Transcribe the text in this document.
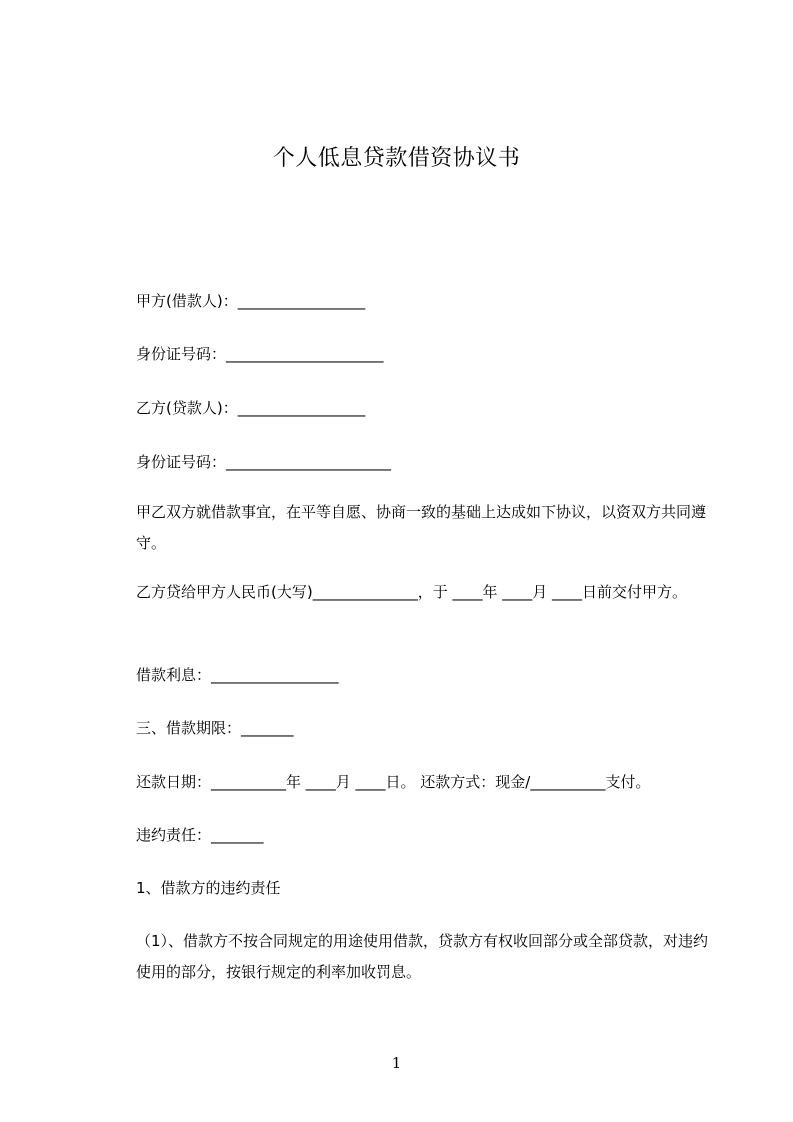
个人低息贷款借资协议书
甲方(借款人)：_________________
身份证号码：_____________________
乙方(贷款人)：_________________
身份证号码：______________________
甲乙双方就借款事宜，在平等自愿、协商一致的基础上达成如下协议，以资双方共同遵守。
乙方贷给甲方人民币(大写)______________，于 ____年 ____月 ____日前交付甲方。
借款利息：_________________
三、借款期限：_______
还款日期：__________年 ____月 ____日。 还款方式：现金/__________支付。
违约责任：_______
1、借款方的违约责任
（1）、借款方不按合同规定的用途使用借款，贷款方有权收回部分或全部贷款，对违约使用的部分，按银行规定的利率加收罚息。
1
